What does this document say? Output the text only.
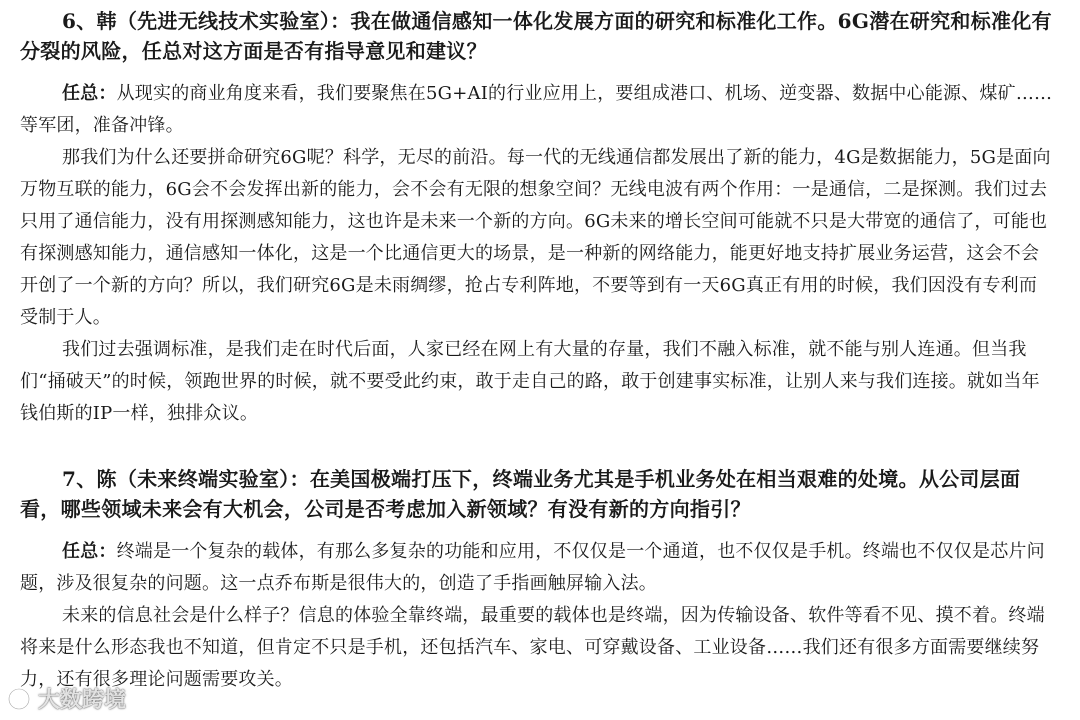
6、韩（先进无线技术实验室）：我在做通信感知一体化发展方面的研究和标准化工作。6G潜在研究和标准化有分裂的风险，任总对这方面是否有指导意见和建议？

任总：从现实的商业角度来看，我们要聚焦在5G+AI的行业应用上，要组成港口、机场、逆变器、数据中心能源、煤矿……等军团，准备冲锋。

那我们为什么还要拼命研究6G呢？科学，无尽的前沿。每一代的无线通信都发展出了新的能力，4G是数据能力，5G是面向万物互联的能力，6G会不会发挥出新的能力，会不会有无限的想象空间？无线电波有两个作用：一是通信，二是探测。我们过去只用了通信能力，没有用探测感知能力，这也许是未来一个新的方向。6G未来的增长空间可能就不只是大带宽的通信了，可能也有探测感知能力，通信感知一体化，这是一个比通信更大的场景，是一种新的网络能力，能更好地支持扩展业务运营，这会不会开创了一个新的方向？所以，我们研究6G是未雨绸缪，抢占专利阵地，不要等到有一天6G真正有用的时候，我们因没有专利而受制于人。

我们过去强调标准，是我们走在时代后面，人家已经在网上有大量的存量，我们不融入标准，就不能与别人连通。但当我们“捅破天”的时候，领跑世界的时候，就不要受此约束，敢于走自己的路，敢于创建事实标准，让别人来与我们连接。就如当年钱伯斯的IP一样，独排众议。

7、陈（未来终端实验室）：在美国极端打压下，终端业务尤其是手机业务处在相当艰难的处境。从公司层面看，哪些领域未来会有大机会，公司是否考虑加入新领域？有没有新的方向指引？

任总：终端是一个复杂的载体，有那么多复杂的功能和应用，不仅仅是一个通道，也不仅仅是手机。终端也不仅仅是芯片问题，涉及很复杂的问题。这一点乔布斯是很伟大的，创造了手指画触屏输入法。

未来的信息社会是什么样子？信息的体验全靠终端，最重要的载体也是终端，因为传输设备、软件等看不见、摸不着。终端将来是什么形态我也不知道，但肯定不只是手机，还包括汽车、家电、可穿戴设备、工业设备……我们还有很多方面需要继续努力，还有很多理论问题需要攻关。

大数跨境
